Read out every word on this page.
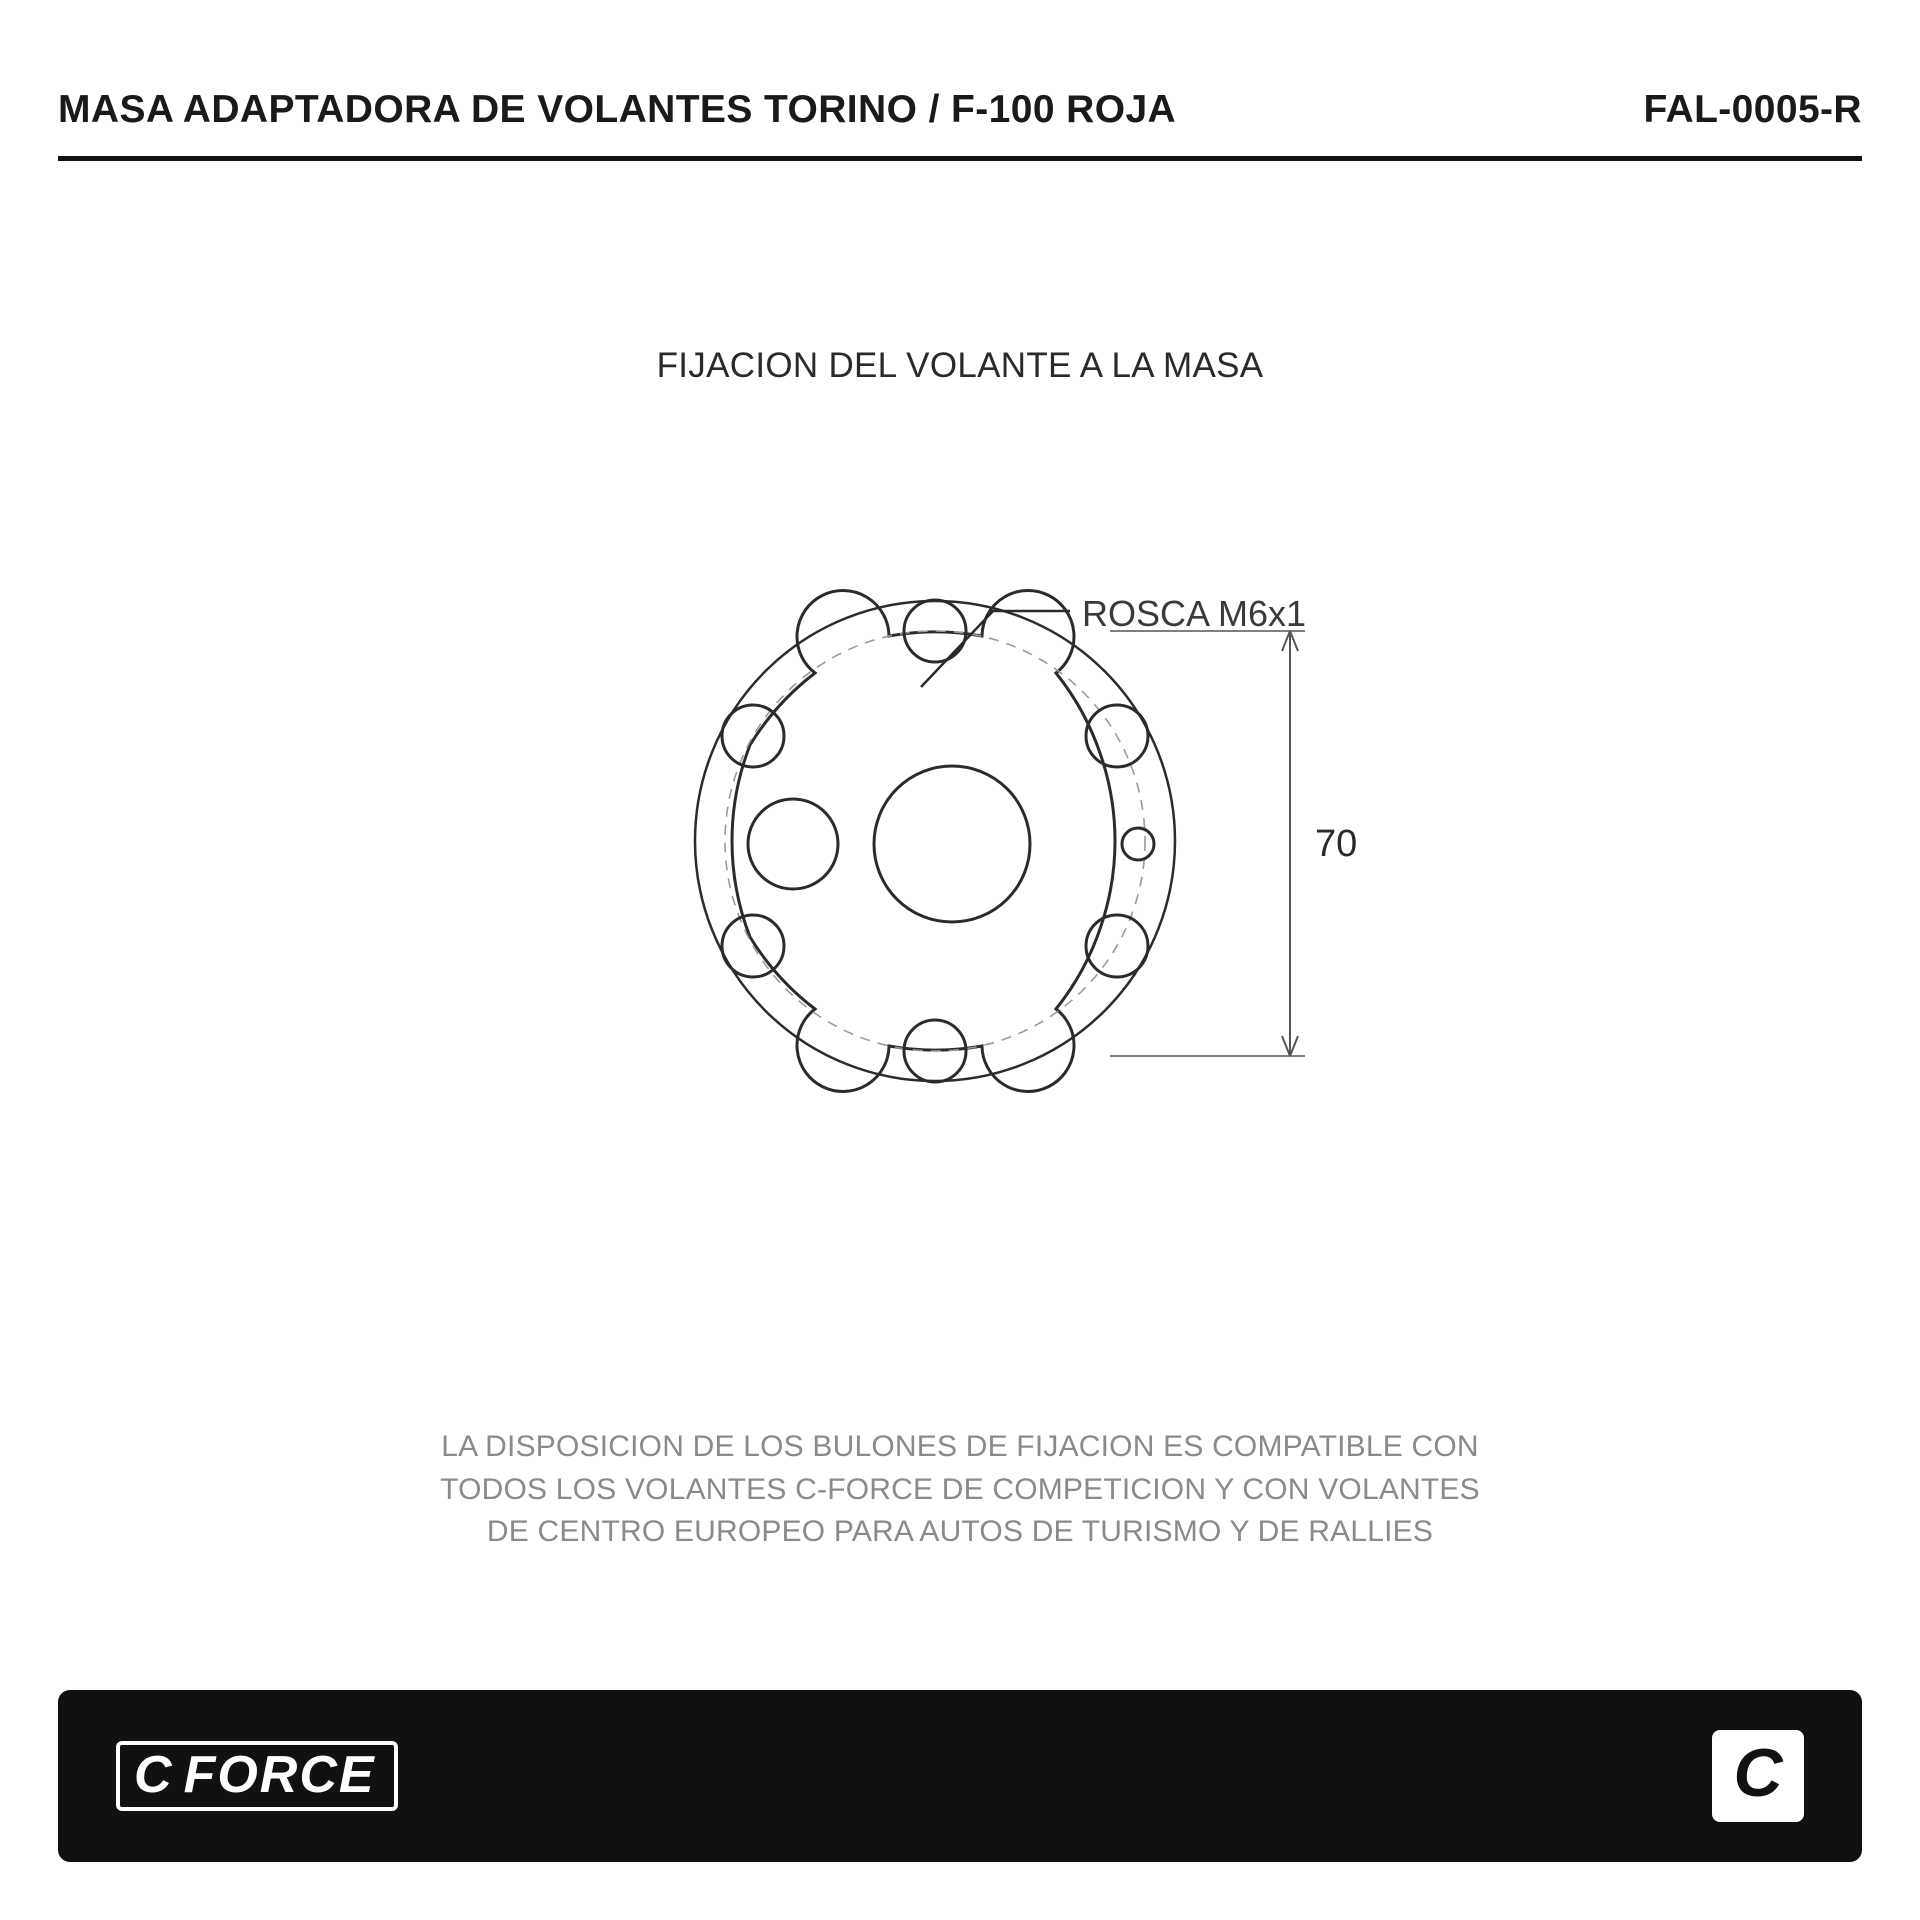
MASA ADAPTADORA DE VOLANTES TORINO / F-100 ROJA	FAL-0005-R
FIJACION DEL VOLANTE A LA MASA
ROSCA M6x1
70
LA DISPOSICION DE LOS BULONES DE FIJACION ES COMPATIBLE CON
TODOS LOS VOLANTES C-FORCE DE COMPETICION Y CON VOLANTES
DE CENTRO EUROPEO PARA AUTOS DE TURISMO Y DE RALLIES
C FORCE	C
